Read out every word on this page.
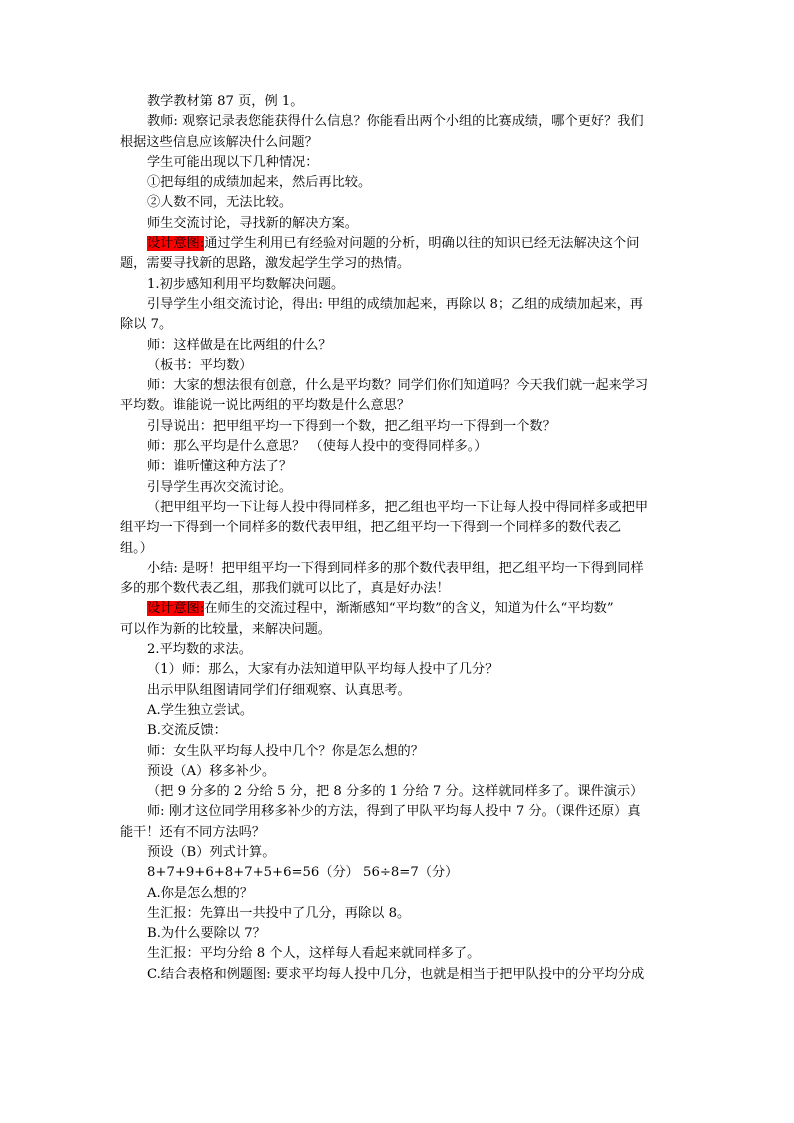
教学教材第 87 页，例 1。
教师: 观察记录表您能获得什么信息？你能看出两个小组的比赛成绩，哪个更好？我们
根据这些信息应该解决什么问题？
学生可能出现以下几种情况：
①把每组的成绩加起来，然后再比较。
②人数不同，无法比较。
师生交流讨论，寻找新的解决方案。
设计意图:通过学生利用已有经验对问题的分析，明确以往的知识已经无法解决这个问
题，需要寻找新的思路，激发起学生学习的热情。
1.初步感知利用平均数解决问题。
引导学生小组交流讨论，得出: 甲组的成绩加起来，再除以 8；乙组的成绩加起来，再
除以 7。
师：这样做是在比两组的什么？
（板书：平均数）
师：大家的想法很有创意，什么是平均数？同学们你们知道吗？今天我们就一起来学习
平均数。谁能说一说比两组的平均数是什么意思？
引导说出：把甲组平均一下得到一个数，把乙组平均一下得到一个数？
师：那么平均是什么意思？ （使每人投中的变得同样多。）
师：谁听懂这种方法了？
引导学生再次交流讨论。
（把甲组平均一下让每人投中得同样多，把乙组也平均一下让每人投中得同样多或把甲
组平均一下得到一个同样多的数代表甲组，把乙组平均一下得到一个同样多的数代表乙
组。）
小结: 是呀！把甲组平均一下得到同样多的那个数代表甲组，把乙组平均一下得到同样
多的那个数代表乙组，那我们就可以比了，真是好办法！
设计意图:在师生的交流过程中，渐渐感知“平均数”的含义，知道为什么“平均数”
可以作为新的比较量，来解决问题。
2.平均数的求法。
（1）师：那么，大家有办法知道甲队平均每人投中了几分？
出示甲队组图请同学们仔细观察、认真思考。
A.学生独立尝试。
B.交流反馈：
师：女生队平均每人投中几个？你是怎么想的？
预设（A）移多补少。
（把 9 分多的 2 分给 5 分，把 8 分多的 1 分给 7 分。这样就同样多了。课件演示）
师: 刚才这位同学用移多补少的方法，得到了甲队平均每人投中 7 分。（课件还原）真
能干！还有不同方法吗？
预设（B）列式计算。
8+7+9+6+8+7+5+6=56（分） 56÷8=7（分）
A.你是怎么想的？
生汇报：先算出一共投中了几分，再除以 8。
B.为什么要除以 7？
生汇报：平均分给 8 个人，这样每人看起来就同样多了。
C.结合表格和例题图: 要求平均每人投中几分，也就是相当于把甲队投中的分平均分成
